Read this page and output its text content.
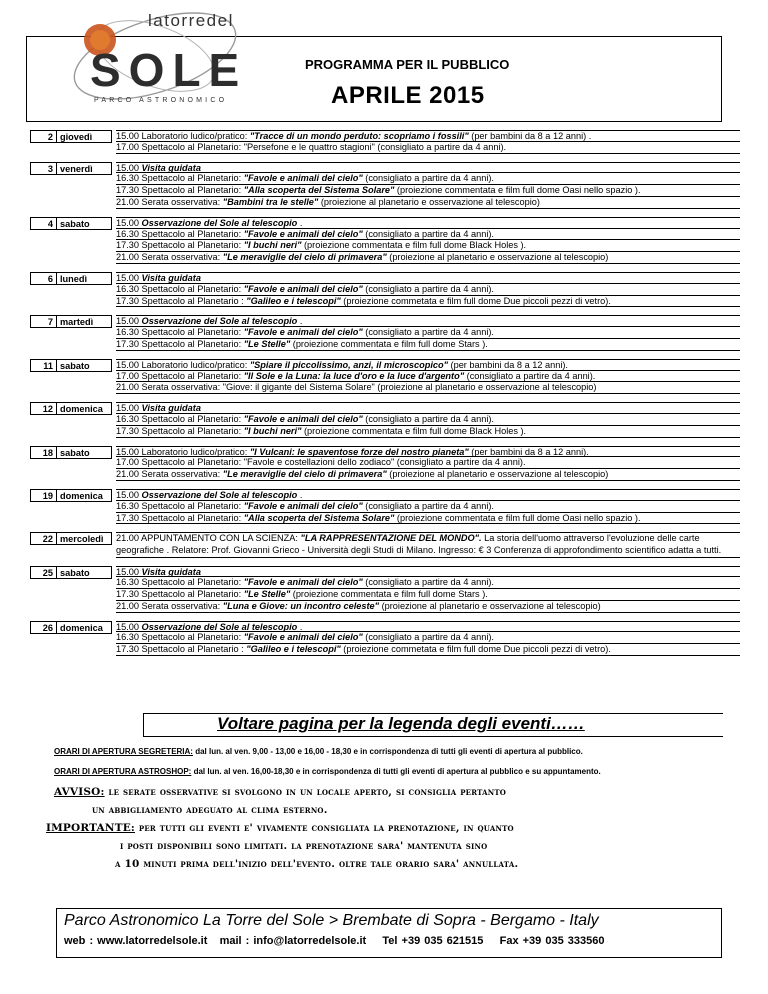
latorredel
SOLE
PARCO ASTRONOMICO
PROGRAMMA PER IL PUBBLICO
APRILE 2015
2 giovedì	15.00 Laboratorio ludico/pratico: "Tracce di un mondo perduto: scopriamo i fossili" (per bambini da 8 a 12 anni) .
17.00 Spettacolo al Planetario: "Persefone e le quattro stagioni" (consigliato a partire da 4 anni).
3 venerdì	15.00 Visita guidata
16.30 Spettacolo al Planetario: "Favole e animali del cielo" (consigliato a partire da 4 anni).
17.30 Spettacolo al Planetario: "Alla scoperta del Sistema Solare" (proiezione commentata e film full dome Oasi nello spazio ).
21.00 Serata osservativa: "Bambini tra le stelle" (proiezione al planetario e osservazione al telescopio)
4 sabato	15.00 Osservazione del Sole al telescopio .
16.30 Spettacolo al Planetario: "Favole e animali del cielo" (consigliato a partire da 4 anni).
17.30 Spettacolo al Planetario: "I buchi neri" (proiezione commentata e film full dome Black Holes ).
21.00 Serata osservativa: "Le meraviglie del cielo di primavera" (proiezione al planetario e osservazione al telescopio)
6 lunedì	15.00 Visita guidata
16.30 Spettacolo al Planetario: "Favole e animali del cielo" (consigliato a partire da 4 anni).
17.30 Spettacolo al Planetario : "Galileo e i telescopi" (proiezione commetata e film full dome Due piccoli pezzi di vetro).
7 martedì 15.00 Osservazione del Sole al telescopio .
16.30 Spettacolo al Planetario: "Favole e animali del cielo" (consigliato a partire da 4 anni).
17.30 Spettacolo al Planetario: "Le Stelle" (proiezione commentata e film full dome Stars ).
11 sabato	15.00 Laboratorio ludico/pratico: "Spiare il piccolissimo, anzi, il microscopico" (per bambini da 8 a 12 anni).
17.00 Spettacolo al Planetario: "Il Sole e la Luna: la luce d'oro e la luce d'argento" (consigliato a partire da 4 anni).
21.00 Serata osservativa: "Giove: il gigante del Sistema Solare" (proiezione al planetario e osservazione al telescopio)
12 domenica 15.00 Visita guidata
16.30 Spettacolo al Planetario: "Favole e animali del cielo" (consigliato a partire da 4 anni).
17.30 Spettacolo al Planetario: "I buchi neri" (proiezione commentata e film full dome Black Holes ).
18 sabato	15.00 Laboratorio ludico/pratico: "I Vulcani: le spaventose forze del nostro pianeta" (per bambini da 8 a 12 anni).
17.00 Spettacolo al Planetario: "Favole e costellazioni dello zodiaco" (consigliato a partire da 4 anni).
21.00 Serata osservativa: "Le meraviglie del cielo di primavera" (proiezione al planetario e osservazione al telescopio)
19 domenica 15.00 Osservazione del Sole al telescopio .
16.30 Spettacolo al Planetario: "Favole e animali del cielo" (consigliato a partire da 4 anni).
17.30 Spettacolo al Planetario: "Alla scoperta del Sistema Solare" (proiezione commentata e film full dome Oasi nello spazio ).
22 mercoledì 21.00 APPUNTAMENTO CON LA SCIENZA: "LA RAPPRESENTAZIONE DEL MONDO". La storia dell'uomo attraverso l'evoluzione delle carte geografiche . Relatore: Prof. Giovanni Grieco - Università degli Studi di Milano. Ingresso: € 3 Conferenza di approfondimento scientifico adatta a tutti.
25 sabato	15.00 Visita guidata
16.30 Spettacolo al Planetario: "Favole e animali del cielo" (consigliato a partire da 4 anni).
17.30 Spettacolo al Planetario: "Le Stelle" (proiezione commentata e film full dome Stars ).
21.00 Serata osservativa: "Luna e Giove: un incontro celeste" (proiezione al planetario e osservazione al telescopio)
26 domenica 15.00 Osservazione del Sole al telescopio .
16.30 Spettacolo al Planetario: "Favole e animali del cielo" (consigliato a partire da 4 anni).
17.30 Spettacolo al Planetario : "Galileo e i telescopi" (proiezione commetata e film full dome Due piccoli pezzi di vetro).
Voltare pagina per la legenda degli eventi……
ORARI DI APERTURA SEGRETERIA: dal lun. al ven. 9,00 - 13,00 e 16,00 - 18,30 e in corrispondenza di tutti gli eventi di apertura al pubblico.
ORARI DI APERTURA ASTROSHOP: dal lun. al ven. 16,00-18,30 e in corrispondenza di tutti gli eventi di apertura al pubblico e su appuntamento.
AVVISO: le serate osservative si svolgono in un locale aperto, si consiglia pertanto
un abbigliamento adeguato al clima esterno.
IMPORTANTE: per tutti gli eventi e' vivamente consigliata la prenotazione, in quanto
i posti disponibili sono limitati. la prenotazione sara' mantenuta sino
a 10 minuti prima dell'inizio dell'evento. oltre tale orario sara' annullata.
Parco Astronomico La Torre del Sole > Brembate di Sopra - Bergamo - Italy
web : www.latorredelsole.it mail : info@latorredelsole.it Tel +39 035 621515 Fax +39 035 333560
